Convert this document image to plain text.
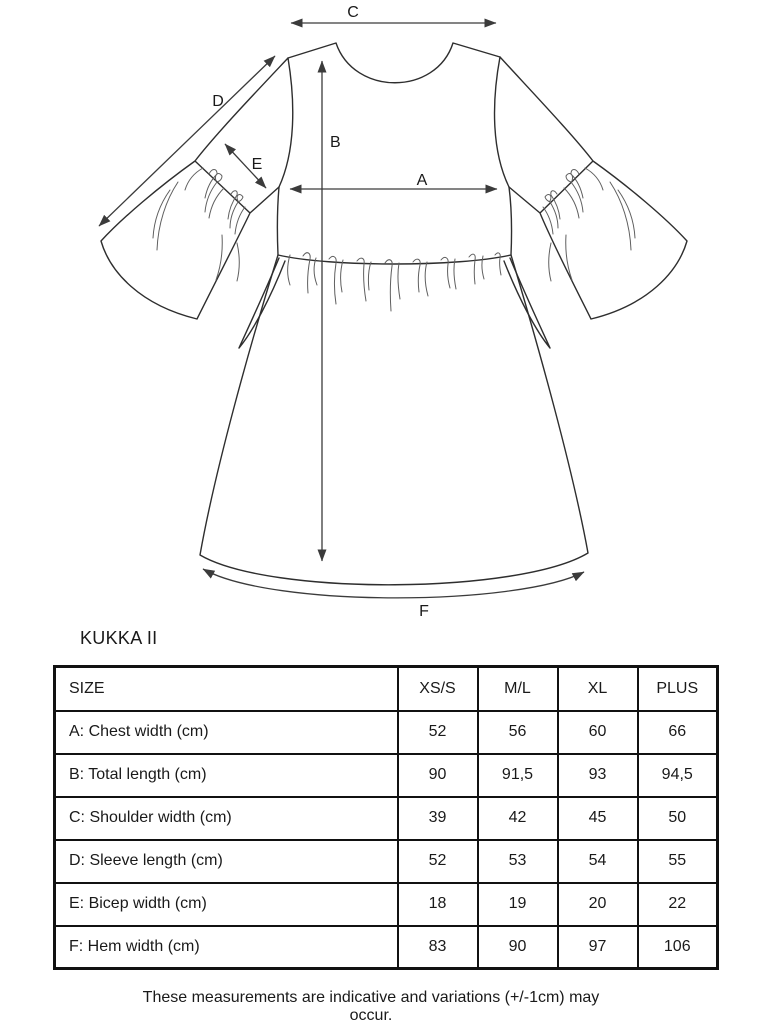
C
B
A
D
E
F
KUKKA II
SIZE	XS/S	M/L	XL	PLUS
A: Chest width (cm)	52	56	60	66
B: Total length (cm)	90	91,5	93	94,5
C: Shoulder width (cm)	39	42	45	50
D: Sleeve length (cm)	52	53	54	55
E: Bicep width (cm)	18	19	20	22
F: Hem width (cm)	83	90	97	106
These measurements are indicative and variations (+/-1cm) may occur.
